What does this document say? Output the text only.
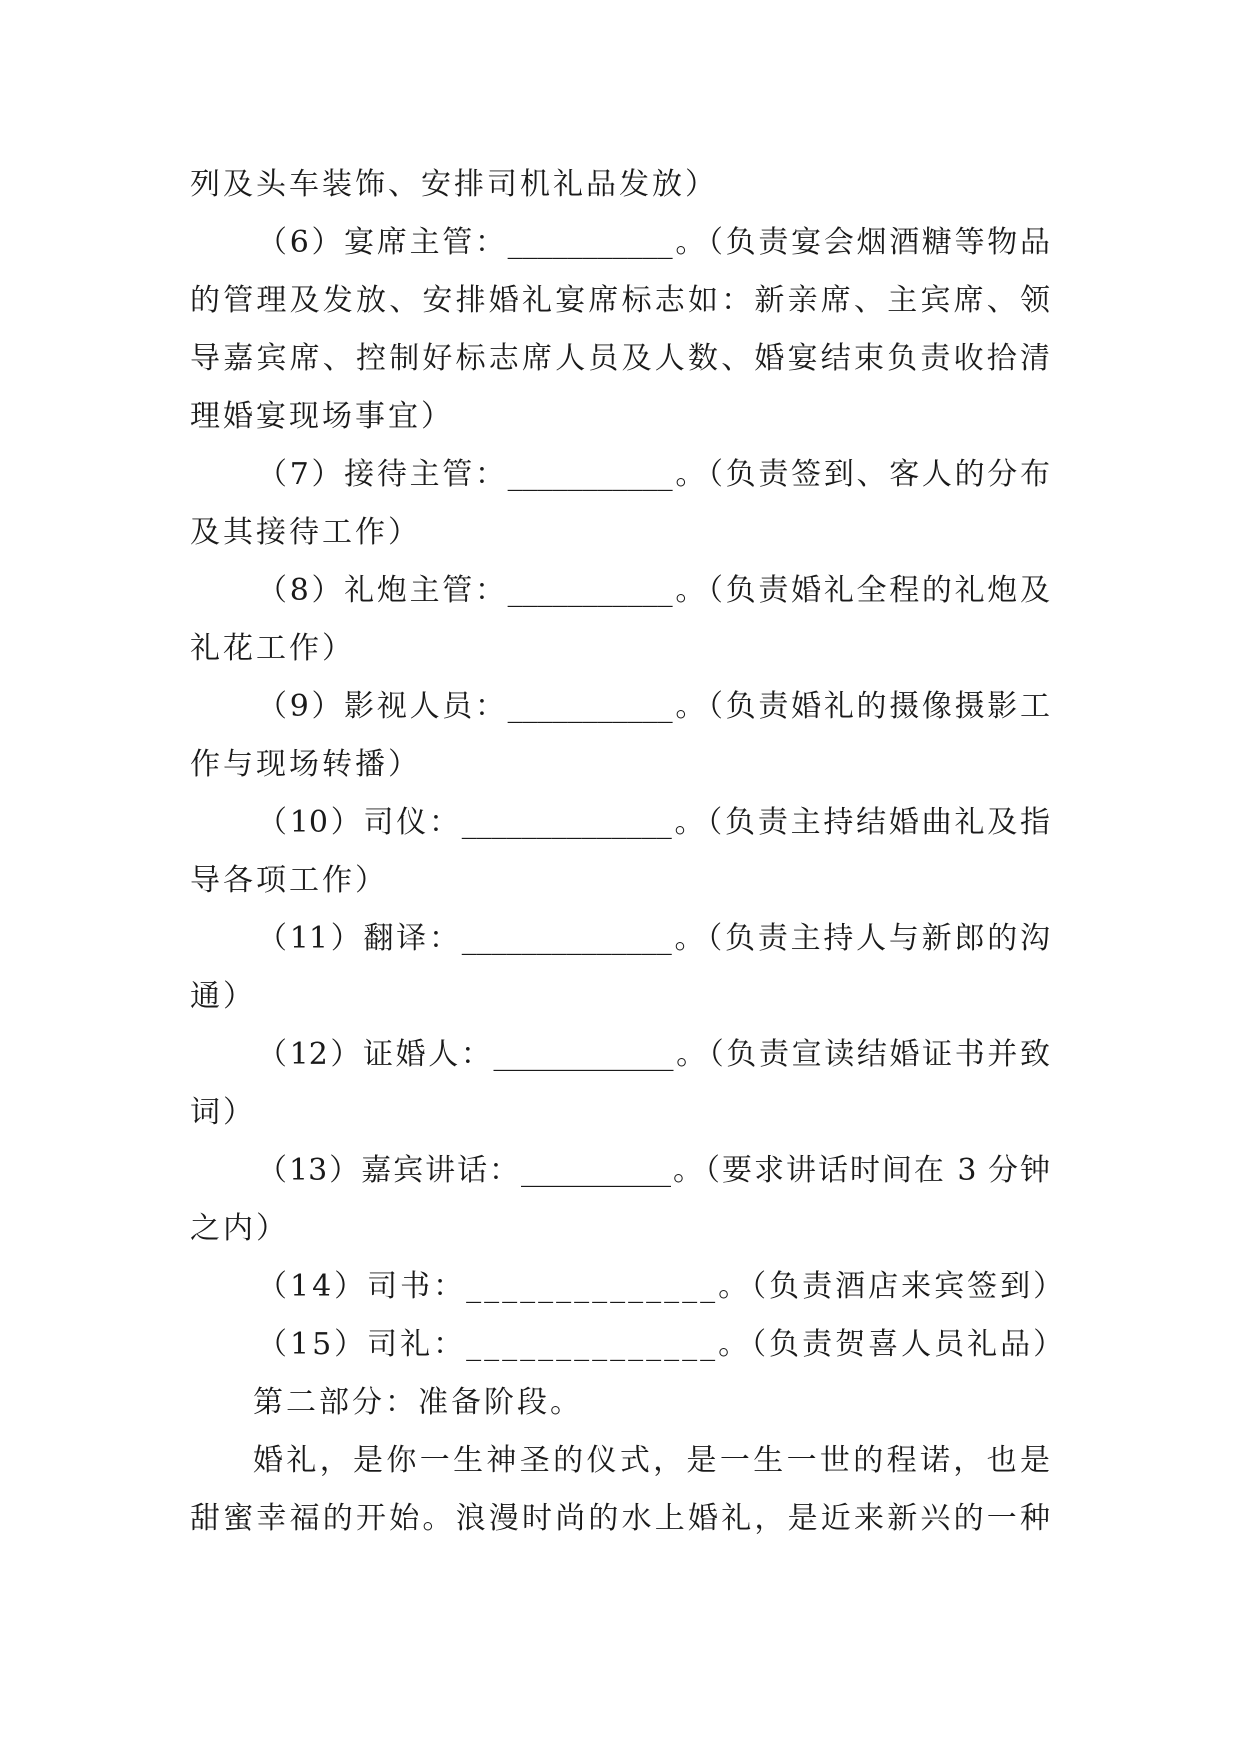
列及头车装饰、安排司机礼品发放）
（6）宴席主管：___________。（负责宴会烟酒糖等物品
的管理及发放、安排婚礼宴席标志如：新亲席、主宾席、领
导嘉宾席、控制好标志席人员及人数、婚宴结束负责收拾清
理婚宴现场事宜）
（7）接待主管：___________。（负责签到、客人的分布
及其接待工作）
（8）礼炮主管：___________。（负责婚礼全程的礼炮及
礼花工作）
（9）影视人员：___________。（负责婚礼的摄像摄影工
作与现场转播）
（10）司仪：______________。（负责主持结婚曲礼及指
导各项工作）
（11）翻译：______________。（负责主持人与新郎的沟
通）
（12）证婚人：____________。（负责宣读结婚证书并致
词）
（13）嘉宾讲话：__________。（要求讲话时间在 3 分钟
之内）
（14）司书：______________。（负责酒店来宾签到）
（15）司礼：______________。（负责贺喜人员礼品）
第二部分：准备阶段。
婚礼，是你一生神圣的仪式，是一生一世的程诺，也是
甜蜜幸福的开始。浪漫时尚的水上婚礼，是近来新兴的一种
